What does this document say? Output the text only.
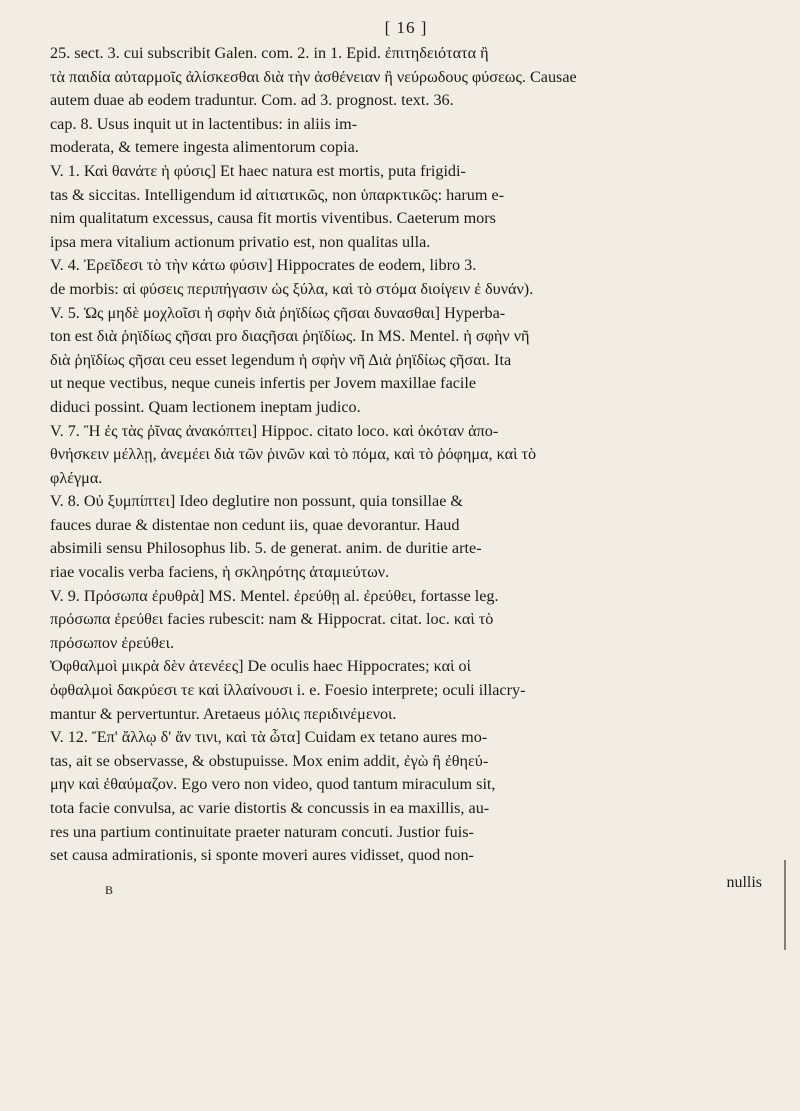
[ 16 ]
25. sect. 3. cui subscribit Galen. com. 2. in 1. Epid. ἐπιτηδειότατα ἢ
τὰ παιδία αὐταρμοῖς ἀλίσκεσθαι διὰ τὴν ἀσθένειαν ἢ νεύρωδους φύσεως. Causae
autem duae ab eodem traduntur. Com. ad 3. prognost. text. 36.
cap. 8. Usus inquit ut in lactentibus: in aliis im-
moderata, & temere ingesta alimentorum copia.
V. 1. Καὶ θανάτε ἡ φύσις] Et haec natura est mortis, puta frigidi-
tas & siccitas. Intelligendum id αἰτιατικῶς, non ὑπαρκτικῶς: harum e-
nim qualitatum excessus, causa fit mortis viventibus. Caeterum mors
ipsa mera vitalium actionum privatio est, non qualitas ulla.
V. 4. Ἐρεῖδεσι τὸ τὴν κάτω φύσιν] Hippocrates de eodem, libro 3.
de morbis: αἱ φύσεις περιπήγασιν ὡς ξύλα, καὶ τὸ στόμα διοίγειν ἐ δυνάν).
V. 5. Ὡς μηδὲ μοχλοῖσι ἡ σφὴν διὰ ῥηϊδίως ςῆσαι δυνασθαι] Hyperba-
ton est διὰ ῥηϊδίως ςῆσαι pro διαςῆσαι ῥηϊδίως. In MS. Mentel. ἡ σφὴν νῆ
διὰ ῥηϊδίως ςῆσαι ceu esset legendum ἡ σφὴν νῆ Διὰ ῥηϊδίως ςῆσαι. Ita
ut neque vectibus, neque cuneis infertis per Jovem maxillae facile
diduci possint. Quam lectionem ineptam judico.
V. 7. Ἢ ἐς τὰς ῥῖνας ἀνακόπτει] Hippoc. citato loco. καὶ ὁκόταν ἀπο-
θνήσκειν μέλλῃ, ἀνεμέει διὰ τῶν ῥινῶν καὶ τὸ πόμα, καὶ τὸ ῥόφημα, καὶ τὸ
φλέγμα.
V. 8. Οὐ ξυμπίπτει] Ideo deglutire non possunt, quia tonsillae &
fauces durae & distentae non cedunt iis, quae devorantur. Haud
absimili sensu Philosophus lib. 5. de generat. anim. de duritie arte-
riae vocalis verba faciens, ἡ σκληρότης ἀταμιεύτων.
V. 9. Πρόσωπα ἐρυθρὰ] MS. Mentel. ἐρεύθῃ al. ἐρεύθει, fortasse leg.
πρόσωπα ἐρεύθει facies rubescit: nam & Hippocrat. citat. loc. καὶ τὸ
πρόσωπον ἐρεύθει.
Ὀφθαλμοὶ μικρὰ δὲν ἀτενέες] De oculis haec Hippocrates; καὶ οἱ
ὀφθαλμοὶ δακρύεσι τε καὶ ἰλλαίνουσι i. e. Foesio interprete; oculi illacry-
mantur & pervertuntur. Aretaeus μόλις περιδινέμενοι.
V. 12. Ἔπ' ἄλλῳ δ' ἄν τινι, καὶ τὰ ὦτα] Cuidam ex tetano aures mo-
tas, ait se observasse, & obstupuisse. Mox enim addit, ἐγὼ ἢ ἐθηεύ-
μην καὶ ἐθαύμαζον. Ego vero non video, quod tantum miraculum sit,
tota facie convulsa, ac varie distortis & concussis in ea maxillis, au-
res una partium continuitate praeter naturam concuti. Justior fuis-
set causa admirationis, si sponte moveri aures vidisset, quod non-
B	nullis
